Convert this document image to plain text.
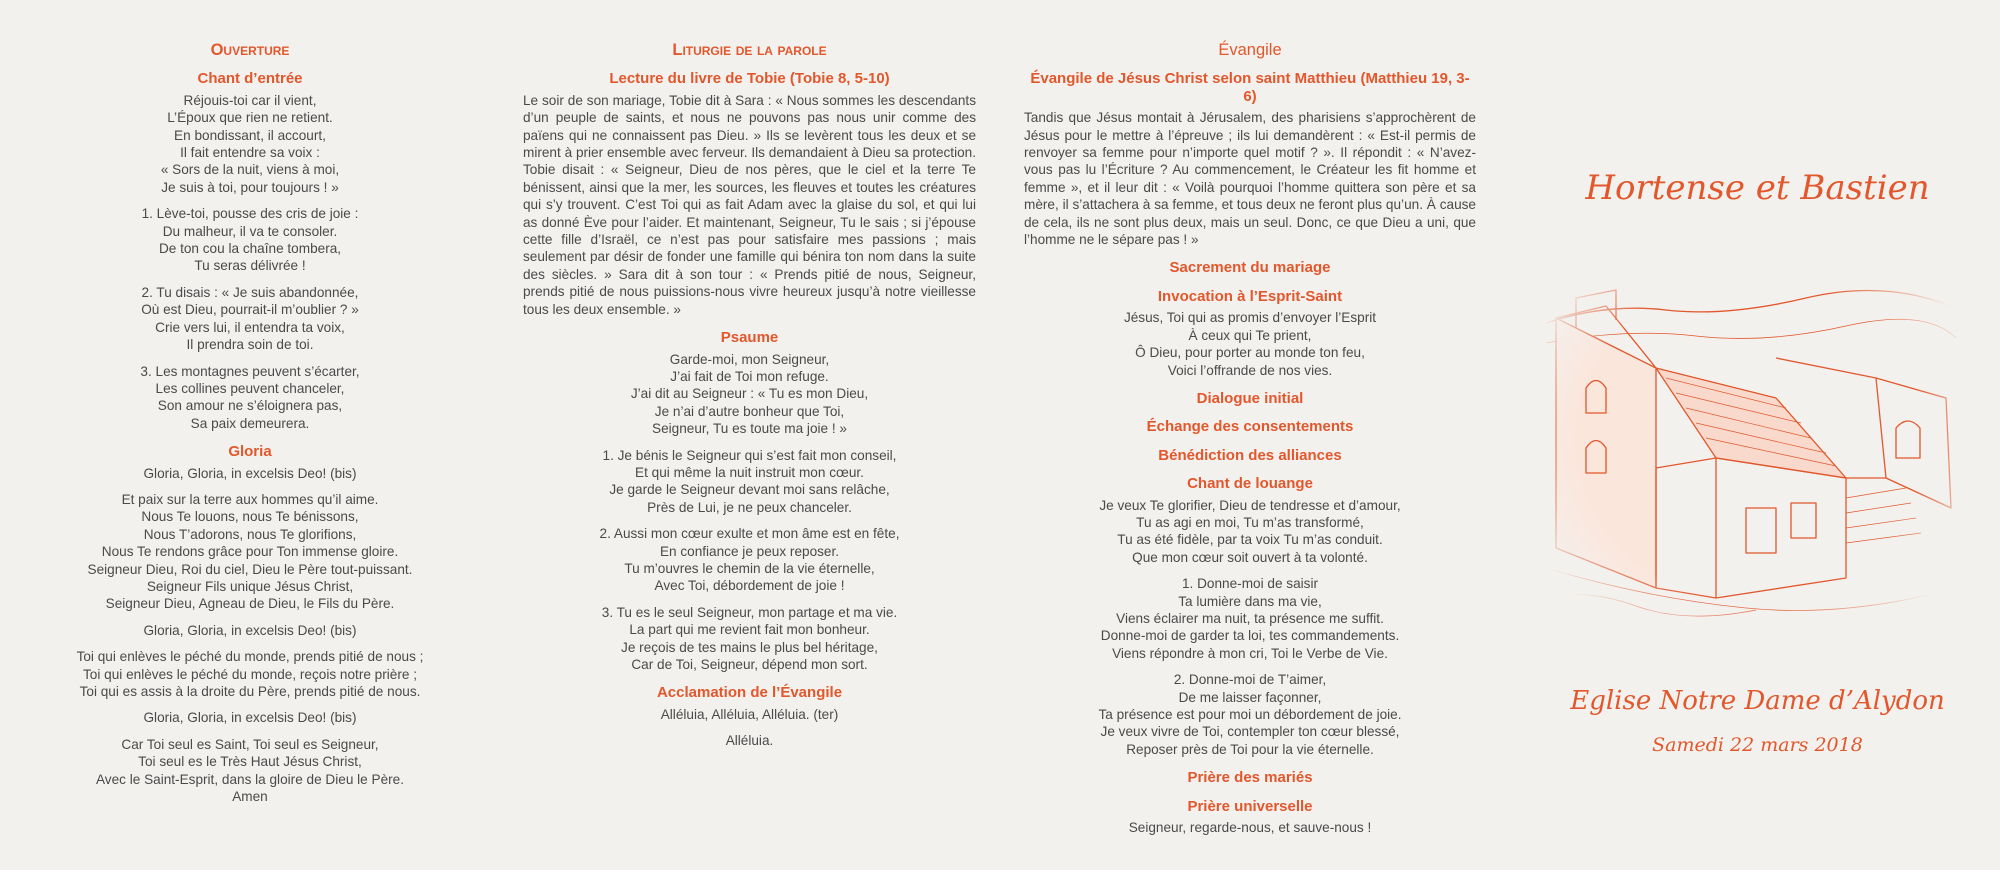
Ouverture
Chant d’entrée
Réjouis-toi car il vient,
L’Époux que rien ne retient.
En bondissant, il accourt,
Il fait entendre sa voix :
« Sors de la nuit, viens à moi,
Je suis à toi, pour toujours ! »
1. Lève-toi, pousse des cris de joie :
Du malheur, il va te consoler.
De ton cou la chaîne tombera,
Tu seras délivrée !
2. Tu disais : « Je suis abandonnée,
Où est Dieu, pourrait-il m’oublier ? »
Crie vers lui, il entendra ta voix,
Il prendra soin de toi.
3. Les montagnes peuvent s’écarter,
Les collines peuvent chanceler,
Son amour ne s’éloignera pas,
Sa paix demeurera.
Gloria
Gloria, Gloria, in excelsis Deo! (bis)
Et paix sur la terre aux hommes qu’il aime.
Nous Te louons, nous Te bénissons,
Nous T’adorons, nous Te glorifions,
Nous Te rendons grâce pour Ton immense gloire.
Seigneur Dieu, Roi du ciel, Dieu le Père tout-puissant.
Seigneur Fils unique Jésus Christ,
Seigneur Dieu, Agneau de Dieu, le Fils du Père.
Gloria, Gloria, in excelsis Deo! (bis)
Toi qui enlèves le péché du monde, prends pitié de nous ;
Toi qui enlèves le péché du monde, reçois notre prière ;
Toi qui es assis à la droite du Père, prends pitié de nous.
Gloria, Gloria, in excelsis Deo! (bis)
Car Toi seul es Saint, Toi seul es Seigneur,
Toi seul es le Très Haut Jésus Christ,
Avec le Saint-Esprit, dans la gloire de Dieu le Père.
Amen
Liturgie de la parole
Lecture du livre de Tobie (Tobie 8, 5-10)

Le soir de son mariage, Tobie dit à Sara : « Nous sommes les descendants d’un peuple de saints, et nous ne pouvons pas nous unir comme des païens qui ne connaissent pas Dieu. » Ils se levèrent tous les deux et se mirent à prier ensemble avec ferveur. Ils demandaient à Dieu sa protection. Tobie disait : « Seigneur, Dieu de nos pères, que le ciel et la terre Te bénissent, ainsi que la mer, les sources, les fleuves et toutes les créatures qui s’y trouvent. C’est Toi qui as fait Adam avec la glaise du sol, et qui lui as donné Ève pour l’aider. Et maintenant, Seigneur, Tu le sais ; si j’épouse cette fille d’Israël, ce n’est pas pour satisfaire mes passions ; mais seulement par désir de fonder une famille qui bénira ton nom dans la suite des siècles. » Sara dit à son tour : « Prends pitié de nous, Seigneur, prends pitié de nous puissions-nous vivre heureux jusqu’à notre vieillesse tous les deux ensemble. »

Psaume
Garde-moi, mon Seigneur,
J’ai fait de Toi mon refuge.
J’ai dit au Seigneur : « Tu es mon Dieu,
Je n’ai d’autre bonheur que Toi,
Seigneur, Tu es toute ma joie ! »
1. Je bénis le Seigneur qui s’est fait mon conseil,
Et qui même la nuit instruit mon cœur.
Je garde le Seigneur devant moi sans relâche,
Près de Lui, je ne peux chanceler.
2. Aussi mon cœur exulte et mon âme est en fête,
En confiance je peux reposer.
Tu m’ouvres le chemin de la vie éternelle,
Avec Toi, débordement de joie !
3. Tu es le seul Seigneur, mon partage et ma vie.
La part qui me revient fait mon bonheur.
Je reçois de tes mains le plus bel héritage,
Car de Toi, Seigneur, dépend mon sort.
Acclamation de l’Évangile
Alléluia, Alléluia, Alléluia. (ter)
Alléluia.
Évangile
Évangile de Jésus Christ selon saint Matthieu (Matthieu 19, 3-6)

Tandis que Jésus montait à Jérusalem, des pharisiens s’approchèrent de Jésus pour le mettre à l’épreuve ; ils lui demandèrent : « Est-il permis de renvoyer sa femme pour n’importe quel motif ? ». Il répondit : « N’avez-vous pas lu l’Écriture ? Au commencement, le Créateur les fit homme et femme », et il leur dit : « Voilà pourquoi l’homme quittera son père et sa mère, il s’attachera à sa femme, et tous deux ne feront plus qu’un. À cause de cela, ils ne sont plus deux, mais un seul. Donc, ce que Dieu a uni, que l’homme ne le sépare pas ! »

Sacrement du mariage
Invocation à l’Esprit-Saint
Jésus, Toi qui as promis d’envoyer l’Esprit
À ceux qui Te prient,
Ô Dieu, pour porter au monde ton feu,
Voici l’offrande de nos vies.
Dialogue initial
Échange des consentements
Bénédiction des alliances
Chant de louange
Je veux Te glorifier, Dieu de tendresse et d’amour,
Tu as agi en moi, Tu m’as transformé,
Tu as été fidèle, par ta voix Tu m’as conduit.
Que mon cœur soit ouvert à ta volonté.
1. Donne-moi de saisir
Ta lumière dans ma vie,
Viens éclairer ma nuit, ta présence me suffit.
Donne-moi de garder ta loi, tes commandements.
Viens répondre à mon cri, Toi le Verbe de Vie.
2. Donne-moi de T’aimer,
De me laisser façonner,
Ta présence est pour moi un débordement de joie.
Je veux vivre de Toi, contempler ton cœur blessé,
Reposer près de Toi pour la vie éternelle.
Prière des mariés
Prière universelle
Seigneur, regarde-nous, et sauve-nous !
Hortense et Bastien
Eglise Notre Dame d’Alydon
Samedi 22 mars 2018
